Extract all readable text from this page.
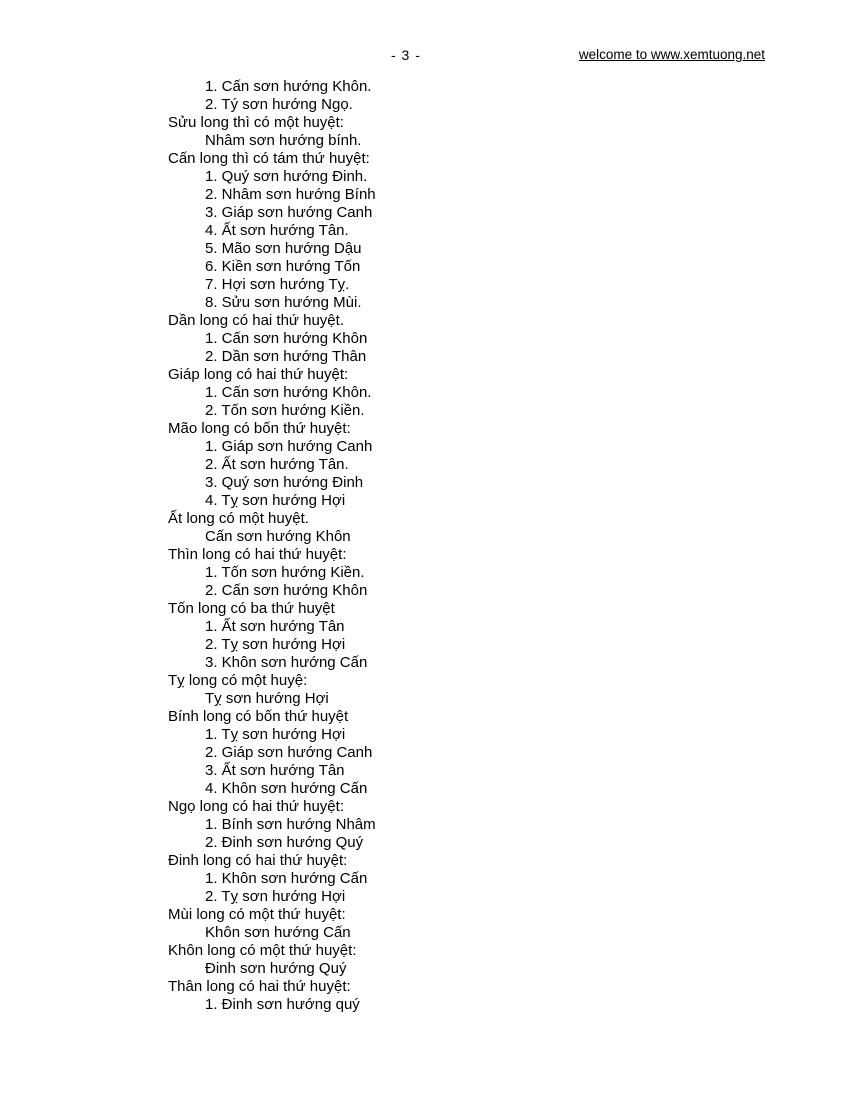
- 3 -	welcome to www.xemtuong.net
1. Cấn sơn hướng Khôn.
2. Tý sơn hướng Ngọ.
Sửu long thì có một huyệt:
Nhâm sơn hướng bính.
Cấn long thì có tám thứ huyệt:
1. Quý sơn hướng Đinh.
2. Nhâm sơn hướng Bính
3. Giáp sơn hướng Canh
4. Ất sơn hướng Tân.
5. Mão sơn hướng Dậu
6. Kiền sơn hướng Tốn
7. Hợi sơn hướng Tỵ.
8. Sửu sơn hướng Mùi.
Dần long có hai thứ huyệt.
1. Cấn sơn hướng Khôn
2. Dần sơn hướng Thân
Giáp long có hai thứ huyệt:
1. Cấn sơn hướng Khôn.
2. Tốn sơn hướng Kiền.
Mão long có bốn thứ huyệt:
1. Giáp sơn hướng Canh
2. Ất sơn hướng Tân.
3. Quý sơn hướng Đinh
4. Tỵ sơn hướng Hợi
Ất long có một huyệt.
Cấn sơn hướng Khôn
Thìn long có hai thứ huyệt:
1. Tốn sơn hướng Kiền.
2. Cấn sơn hướng Khôn
Tốn long có ba thứ huyệt
1. Ất sơn hướng Tân
2. Tỵ sơn hướng Hợi
3. Khôn sơn hướng Cấn
Tỵ long có một huyệ:
Tỵ sơn hướng Hợi
Bính long có bốn thứ huyệt
1. Tỵ sơn hướng Hợi
2. Giáp sơn hướng Canh
3. Ất sơn hướng Tân
4. Khôn sơn hướng Cấn
Ngọ long có hai thứ huyệt:
1. Bính sơn hướng Nhâm
2. Đinh sơn hướng Quý
Đinh long có hai thứ huyệt:
1. Khôn sơn hướng Cấn
2. Tỵ sơn hướng Hợi
Mùi long có một thứ huyệt:
Khôn sơn hướng Cấn
Khôn long có một thứ huyệt:
Đinh sơn hướng Quý
Thân long có hai thứ huyệt:
1. Đinh sơn hướng quý
